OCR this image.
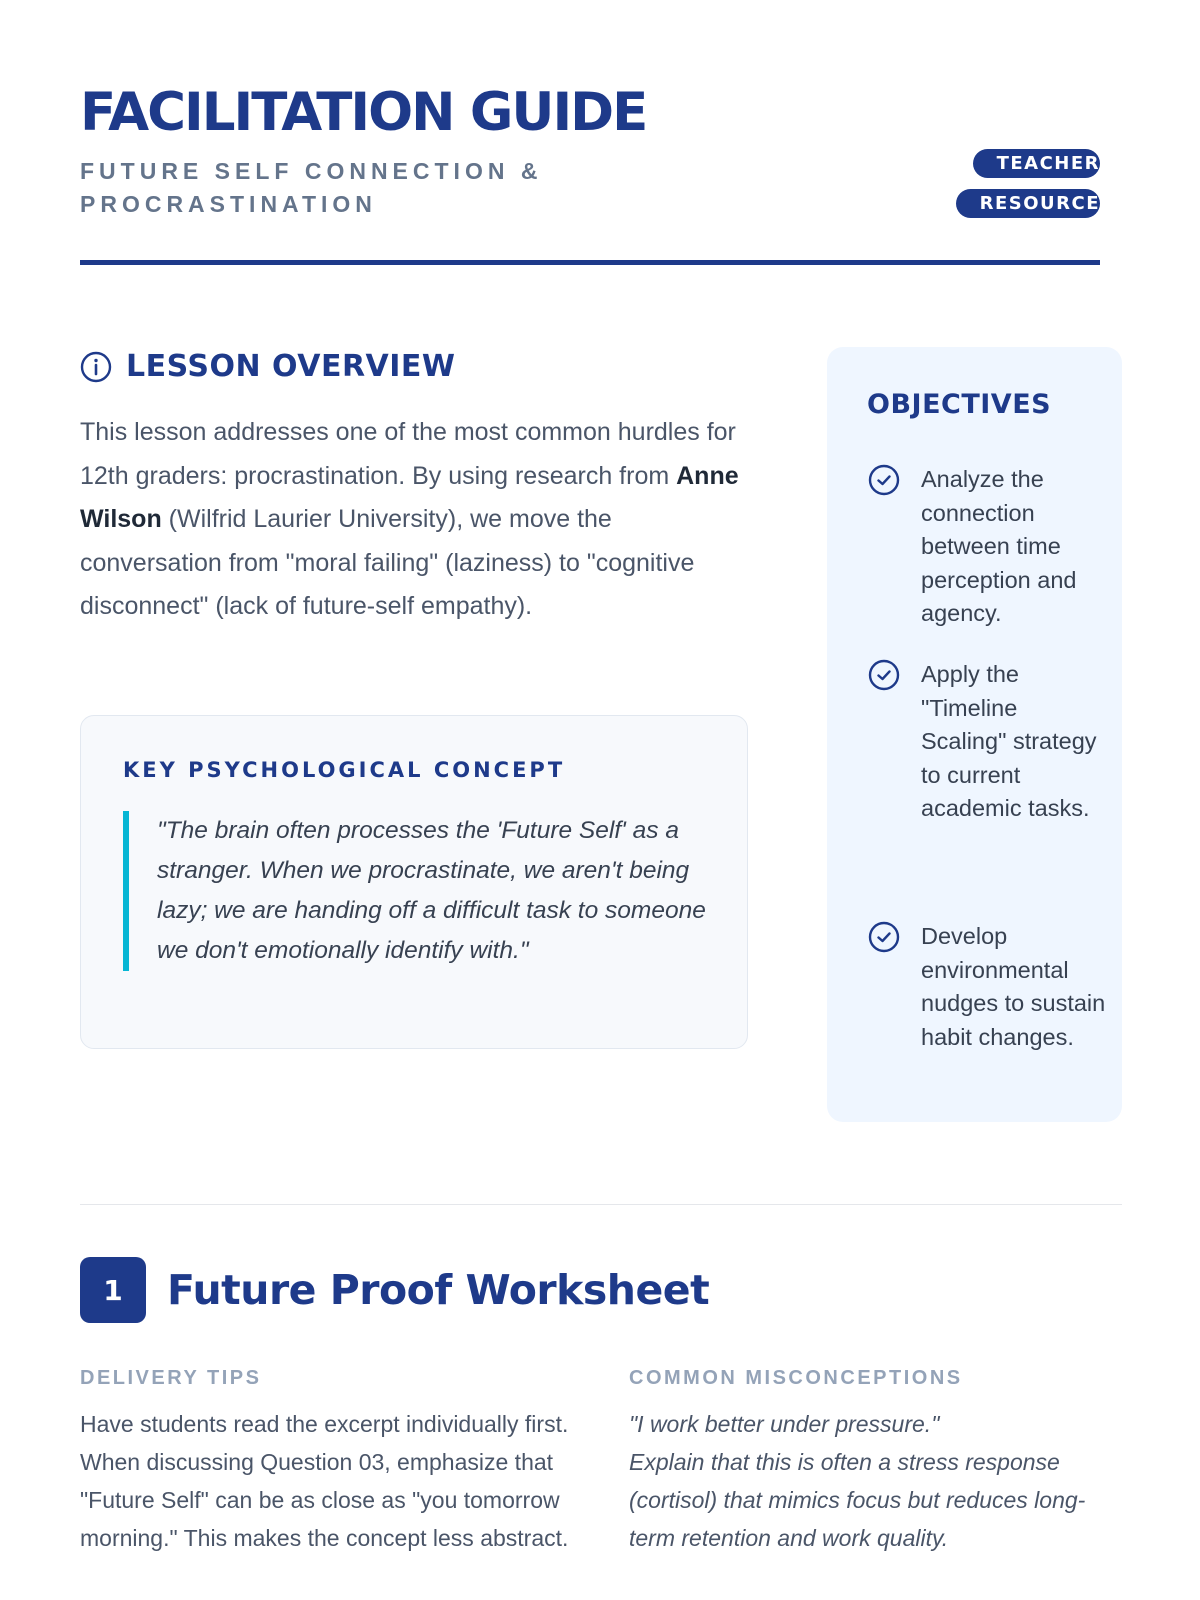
FACILITATION GUIDE
FUTURE SELF CONNECTION & PROCRASTINATION
TEACHER RESOURCE
LESSON OVERVIEW

This lesson addresses one of the most common hurdles for 12th graders: procrastination. By using research from Anne Wilson (Wilfrid Laurier University), we move the conversation from "moral failing" (laziness) to "cognitive disconnect" (lack of future-self empathy).

KEY PSYCHOLOGICAL CONCEPT
"The brain often processes the 'Future Self' as a stranger. When we procrastinate, we aren't being lazy; we are handing off a difficult task to someone we don't emotionally identify with."
OBJECTIVES
Analyze the connection between time perception and agency.
Apply the "Timeline Scaling" strategy to current academic tasks.
Develop environmental nudges to sustain habit changes.
1	Future Proof Worksheet
DELIVERY TIPS

Have students read the excerpt individually first. When discussing Question 03, emphasize that "Future Self" can be as close as "you tomorrow morning." This makes the concept less abstract.

COMMON MISCONCEPTIONS

"I work better under pressure."
Explain that this is often a stress response (cortisol) that mimics focus but reduces long-term retention and work quality.
